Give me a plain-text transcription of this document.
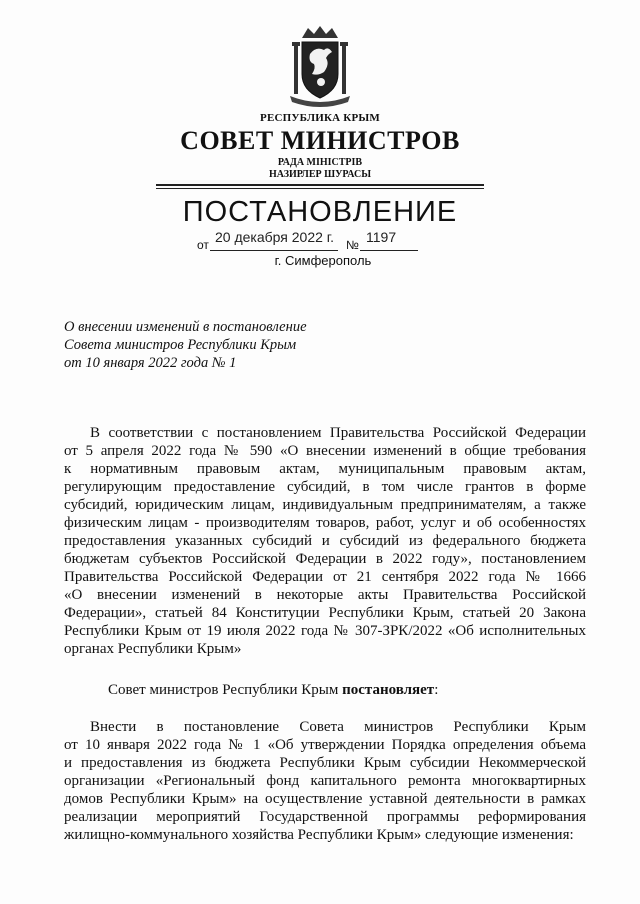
РЕСПУБЛИКА КРЫМ
СОВЕТ МИНИСТРОВ
РАДА МІНІСТРІВ
НАЗИРЛЕР ШУРАСЫ
ПОСТАНОВЛЕНИЕ
от 20 декабря 2022 г. № 1197
г. Симферополь
О внесении изменений в постановление
Совета министров Республики Крым
от 10 января 2022 года № 1
В соответствии с постановлением Правительства Российской Федерации
от 5 апреля 2022 года № 590 «О внесении изменений в общие требования
к нормативным правовым актам, муниципальным правовым актам,
регулирующим предоставление субсидий, в том числе грантов в форме
субсидий, юридическим лицам, индивидуальным предпринимателям, а также
физическим лицам - производителям товаров, работ, услуг и об особенностях
предоставления указанных субсидий и субсидий из федерального бюджета
бюджетам субъектов Российской Федерации в 2022 году», постановлением
Правительства Российской Федерации от 21 сентября 2022 года № 1666
«О внесении изменений в некоторые акты Правительства Российской
Федерации», статьей 84 Конституции Республики Крым, статьей 20 Закона
Республики Крым от 19 июля 2022 года № 307-ЗРК/2022 «Об исполнительных
органах Республики Крым»
Совет министров Республики Крым постановляет:
Внести в постановление Совета министров Республики Крым
от 10 января 2022 года № 1 «Об утверждении Порядка определения объема
и предоставления из бюджета Республики Крым субсидии Некоммерческой
организации «Региональный фонд капитального ремонта многоквартирных
домов Республики Крым» на осуществление уставной деятельности в рамках
реализации мероприятий Государственной программы реформирования
жилищно-коммунального хозяйства Республики Крым» следующие изменения:
